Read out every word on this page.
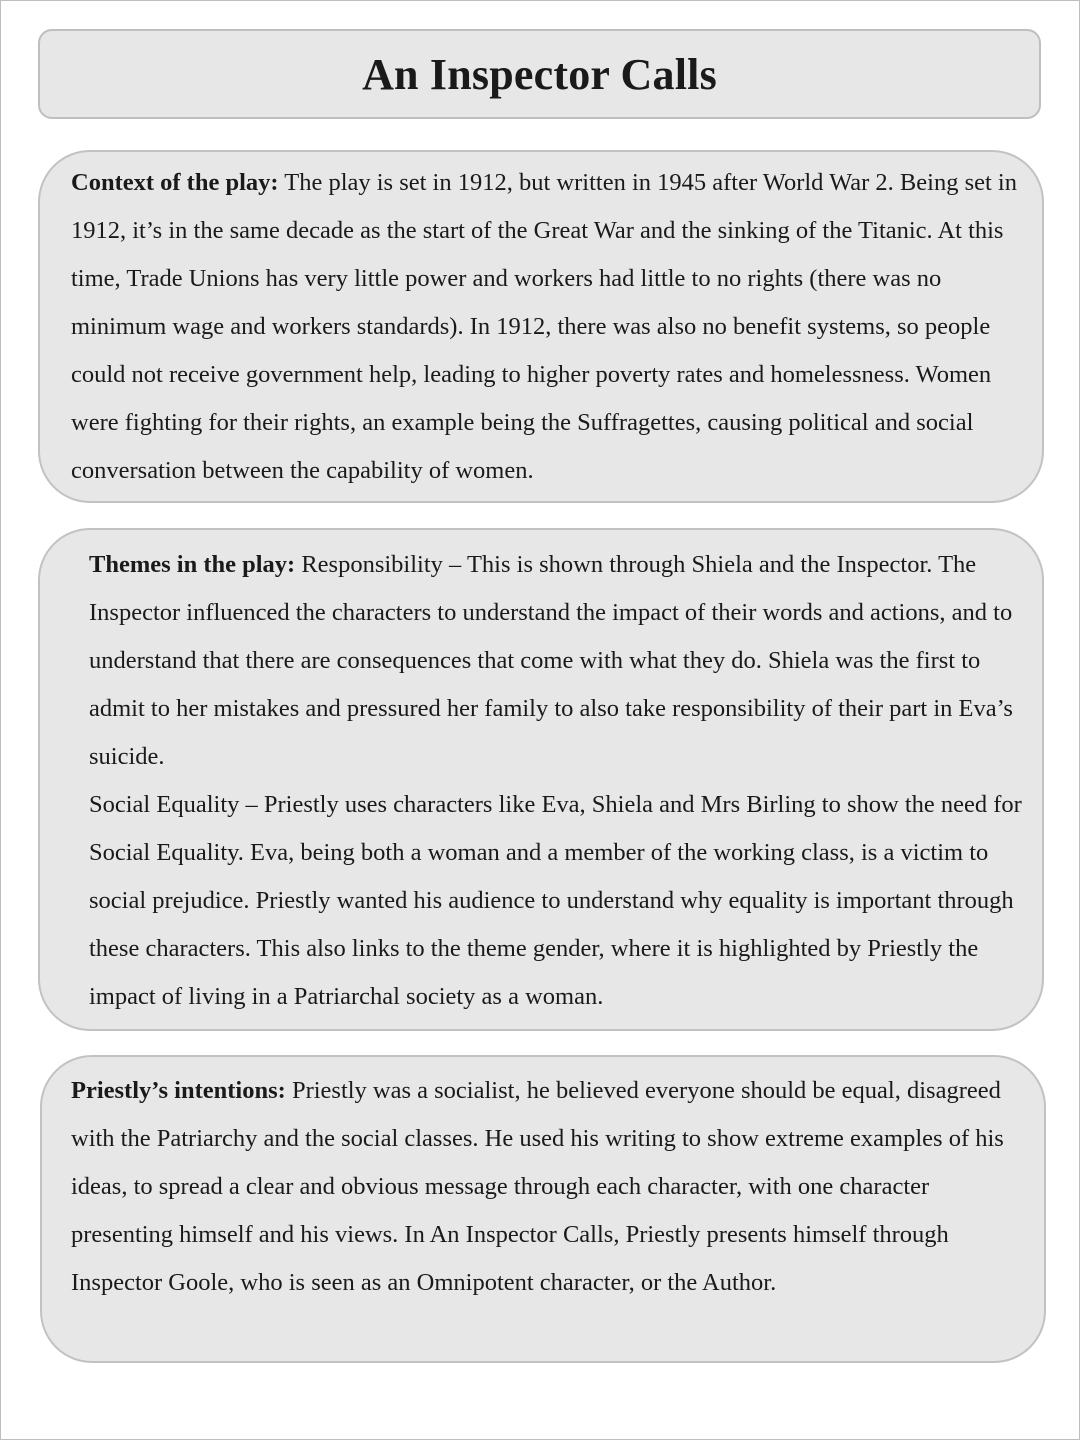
An Inspector Calls

Context of the play: The play is set in 1912, but written in 1945 after World War 2. Being set in 1912, it’s in the same decade as the start of the Great War and the sinking of the Titanic. At this time, Trade Unions has very little power and workers had little to no rights (there was no minimum wage and workers standards). In 1912, there was also no benefit systems, so people could not receive government help, leading to higher poverty rates and homelessness. Women were fighting for their rights, an example being the Suffragettes, causing political and social conversation between the capability of women.

Themes in the play: Responsibility – This is shown through Shiela and the Inspector. The Inspector influenced the characters to understand the impact of their words and actions, and to understand that there are consequences that come with what they do. Shiela was the first to admit to her mistakes and pressured her family to also take responsibility of their part in Eva’s suicide.

Social Equality – Priestly uses characters like Eva, Shiela and Mrs Birling to show the need for Social Equality. Eva, being both a woman and a member of the working class, is a victim to social prejudice. Priestly wanted his audience to understand why equality is important through these characters. This also links to the theme gender, where it is highlighted by Priestly the impact of living in a Patriarchal society as a woman.

Priestly’s intentions: Priestly was a socialist, he believed everyone should be equal, disagreed with the Patriarchy and the social classes. He used his writing to show extreme examples of his ideas, to spread a clear and obvious message through each character, with one character presenting himself and his views. In An Inspector Calls, Priestly presents himself through Inspector Goole, who is seen as an Omnipotent character, or the Author.
